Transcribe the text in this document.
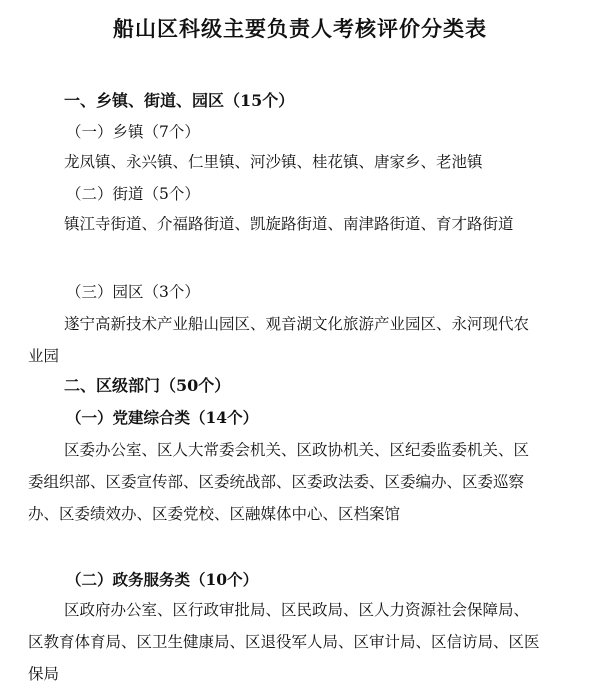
船山区科级主要负责人考核评价分类表
一、乡镇、街道、园区（15个）
（一）乡镇（7个）

龙凤镇、永兴镇、仁里镇、河沙镇、桂花镇、唐家乡、老池镇

（二）街道（5个）

镇江寺街道、介福路街道、凯旋路街道、南津路街道、育才路街道

（三）园区（3个）

遂宁高新技术产业船山园区、观音湖文化旅游产业园区、永河现代农业园

二、区级部门（50个）
（一）党建综合类（14个）

区委办公室、区人大常委会机关、区政协机关、区纪委监委机关、区委组织部、区委宣传部、区委统战部、区委政法委、区委编办、区委巡察办、区委绩效办、区委党校、区融媒体中心、区档案馆

（二）政务服务类（10个）

区政府办公室、区行政审批局、区民政局、区人力资源社会保障局、区教育体育局、区卫生健康局、区退役军人局、区审计局、区信访局、区医保局
